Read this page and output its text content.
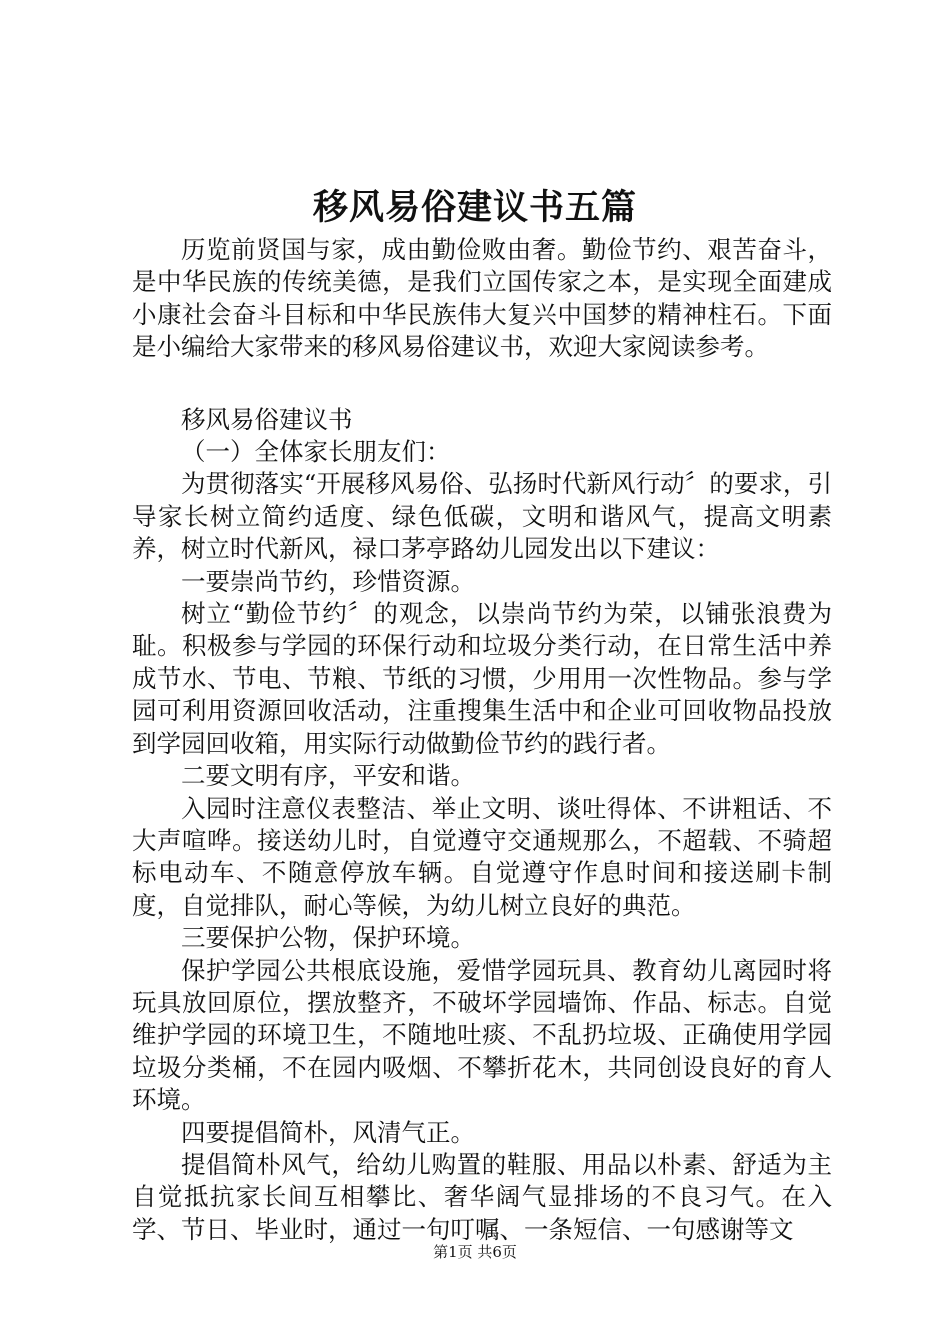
移风易俗建议书五篇

历览前贤国与家，成由勤俭败由奢。勤俭节约、艰苦奋斗，是中华民族的传统美德，是我们立国传家之本，是实现全面建成小康社会奋斗目标和中华民族伟大复兴中国梦的精神柱石。下面是小编给大家带来的移风易俗建议书，欢迎大家阅读参考。

移风易俗建议书

（一）全体家长朋友们：

为贯彻落实“开展移风易俗、弘扬时代新风行动〞的要求，引导家长树立简约适度、绿色低碳，文明和谐风气，提高文明素养，树立时代新风，禄口茅亭路幼儿园发出以下建议：

一要崇尚节约，珍惜资源。

树立“勤俭节约〞的观念，以崇尚节约为荣，以铺张浪费为耻。积极参与学园的环保行动和垃圾分类行动，在日常生活中养成节水、节电、节粮、节纸的习惯，少用用一次性物品。参与学园可利用资源回收活动，注重搜集生活中和企业可回收物品投放到学园回收箱，用实际行动做勤俭节约的践行者。

二要文明有序，平安和谐。

入园时注意仪表整洁、举止文明、谈吐得体、不讲粗话、不大声喧哗。接送幼儿时，自觉遵守交通规那么，不超载、不骑超标电动车、不随意停放车辆。自觉遵守作息时间和接送刷卡制度，自觉排队，耐心等候，为幼儿树立良好的典范。

三要保护公物，保护环境。

保护学园公共根底设施，爱惜学园玩具、教育幼儿离园时将玩具放回原位，摆放整齐，不破坏学园墙饰、作品、标志。自觉维护学园的环境卫生，不随地吐痰、不乱扔垃圾、正确使用学园垃圾分类桶，不在园内吸烟、不攀折花木，共同创设良好的育人环境。

四要提倡简朴，风清气正。

提倡简朴风气，给幼儿购置的鞋服、用品以朴素、舒适为主自觉抵抗家长间互相攀比、奢华阔气显排场的不良习气。在入学、节日、毕业时，通过一句叮嘱、一条短信、一句感谢等文

第1页 共6页
